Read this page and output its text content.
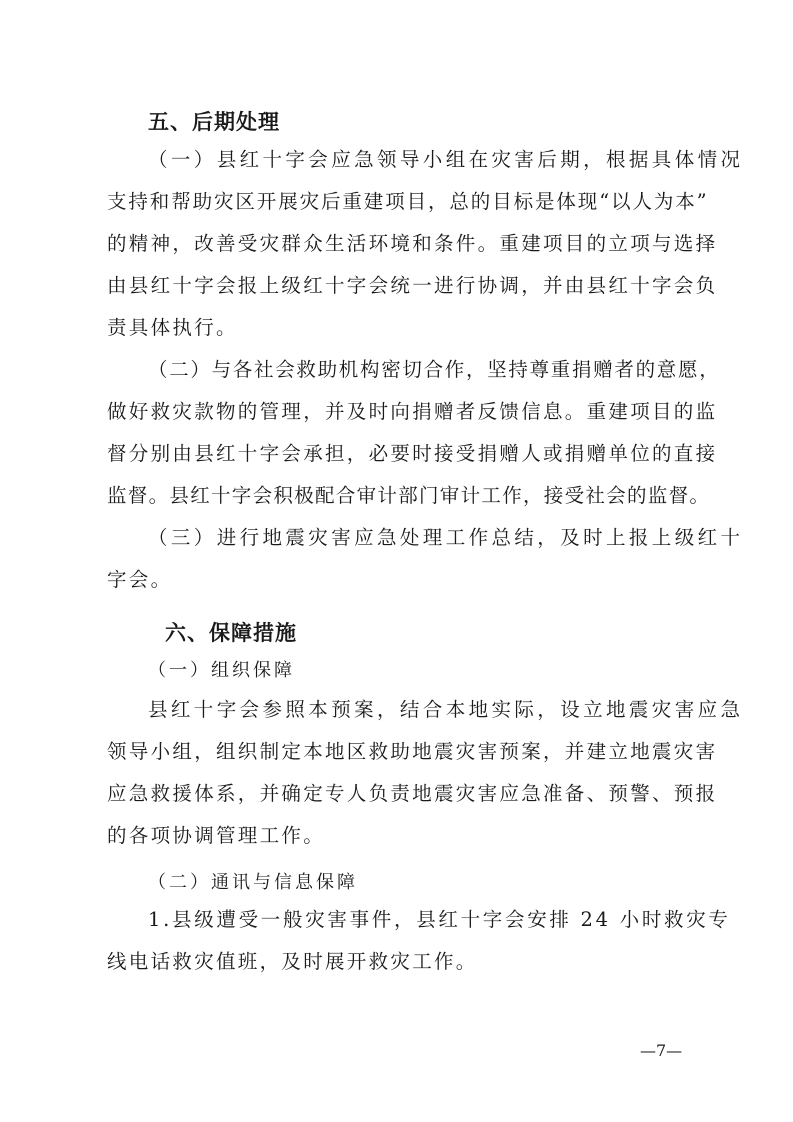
五、后期处理
（一）县红十字会应急领导小组在灾害后期，根据具体情况
支持和帮助灾区开展灾后重建项目，总的目标是体现“以人为本”
的精神，改善受灾群众生活环境和条件。重建项目的立项与选择
由县红十字会报上级红十字会统一进行协调，并由县红十字会负
责具体执行。
（二）与各社会救助机构密切合作，坚持尊重捐赠者的意愿，
做好救灾款物的管理，并及时向捐赠者反馈信息。重建项目的监
督分别由县红十字会承担，必要时接受捐赠人或捐赠单位的直接
监督。县红十字会积极配合审计部门审计工作，接受社会的监督。
（三）进行地震灾害应急处理工作总结，及时上报上级红十
字会。
六、保障措施
（一）组织保障
县红十字会参照本预案，结合本地实际，设立地震灾害应急
领导小组，组织制定本地区救助地震灾害预案，并建立地震灾害
应急救援体系，并确定专人负责地震灾害应急准备、预警、预报
的各项协调管理工作。
（二）通讯与信息保障
1.县级遭受一般灾害事件，县红十字会安排 24 小时救灾专
线电话救灾值班，及时展开救灾工作。
—7—
